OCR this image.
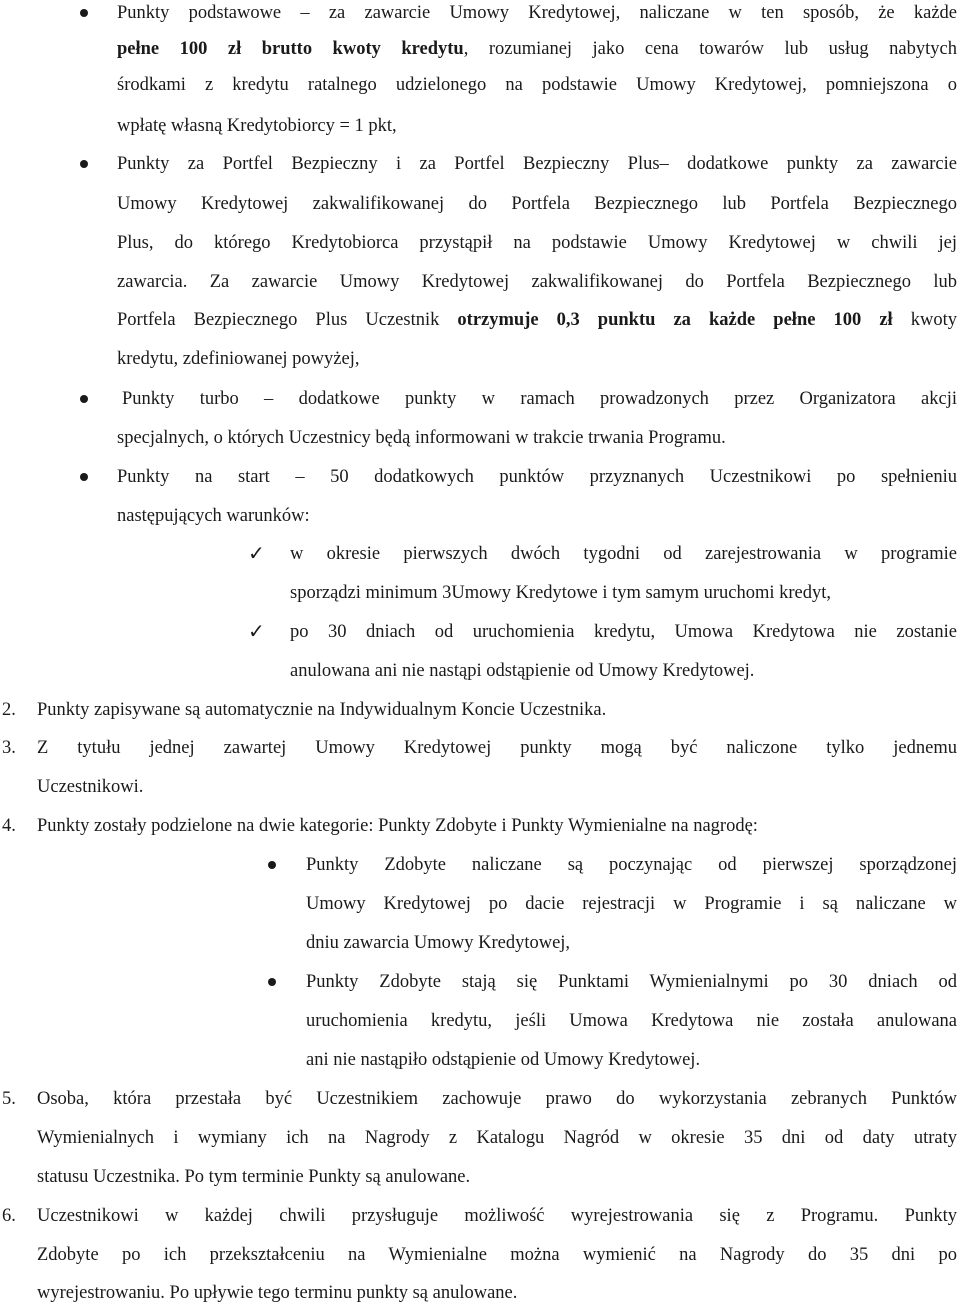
Punkty podstawowe – za zawarcie Umowy Kredytowej, naliczane w ten sposób, że każde
pełne 100 zł brutto kwoty kredytu, rozumianej jako cena towarów lub usług nabytych
środkami z kredytu ratalnego udzielonego na podstawie Umowy Kredytowej, pomniejszona o
wpłatę własną Kredytobiorcy = 1 pkt,
Punkty za Portfel Bezpieczny i za Portfel Bezpieczny Plus– dodatkowe punkty za zawarcie
Umowy Kredytowej zakwalifikowanej do Portfela Bezpiecznego lub Portfela Bezpiecznego
Plus, do którego Kredytobiorca przystąpił na podstawie Umowy Kredytowej w chwili jej
zawarcia. Za zawarcie Umowy Kredytowej zakwalifikowanej do Portfela Bezpiecznego lub
Portfela Bezpiecznego Plus Uczestnik otrzymuje 0,3 punktu za każde pełne 100 zł kwoty
kredytu, zdefiniowanej powyżej,
Punkty turbo – dodatkowe punkty w ramach prowadzonych przez Organizatora akcji
specjalnych, o których Uczestnicy będą informowani w trakcie trwania Programu.
Punkty na start – 50 dodatkowych punktów przyznanych Uczestnikowi po spełnieniu
następujących warunków:
✓ w okresie pierwszych dwóch tygodni od zarejestrowania w programie
sporządzi minimum 3Umowy Kredytowe i tym samym uruchomi kredyt,
✓ po 30 dniach od uruchomienia kredytu, Umowa Kredytowa nie zostanie
anulowana ani nie nastąpi odstąpienie od Umowy Kredytowej.
2. Punkty zapisywane są automatycznie na Indywidualnym Koncie Uczestnika.
3. Z tytułu jednej zawartej Umowy Kredytowej punkty mogą być naliczone tylko jednemu
Uczestnikowi.
4. Punkty zostały podzielone na dwie kategorie: Punkty Zdobyte i Punkty Wymienialne na nagrodę:
Punkty Zdobyte naliczane są poczynając od pierwszej sporządzonej
Umowy Kredytowej po dacie rejestracji w Programie i są naliczane w
dniu zawarcia Umowy Kredytowej,
Punkty Zdobyte stają się Punktami Wymienialnymi po 30 dniach od
uruchomienia kredytu, jeśli Umowa Kredytowa nie została anulowana
ani nie nastąpiło odstąpienie od Umowy Kredytowej.
5. Osoba, która przestała być Uczestnikiem zachowuje prawo do wykorzystania zebranych Punktów
Wymienialnych i wymiany ich na Nagrody z Katalogu Nagród w okresie 35 dni od daty utraty
statusu Uczestnika. Po tym terminie Punkty są anulowane.
6. Uczestnikowi w każdej chwili przysługuje możliwość wyrejestrowania się z Programu. Punkty
Zdobyte po ich przekształceniu na Wymienialne można wymienić na Nagrody do 35 dni po
wyrejestrowaniu. Po upływie tego terminu punkty są anulowane.
